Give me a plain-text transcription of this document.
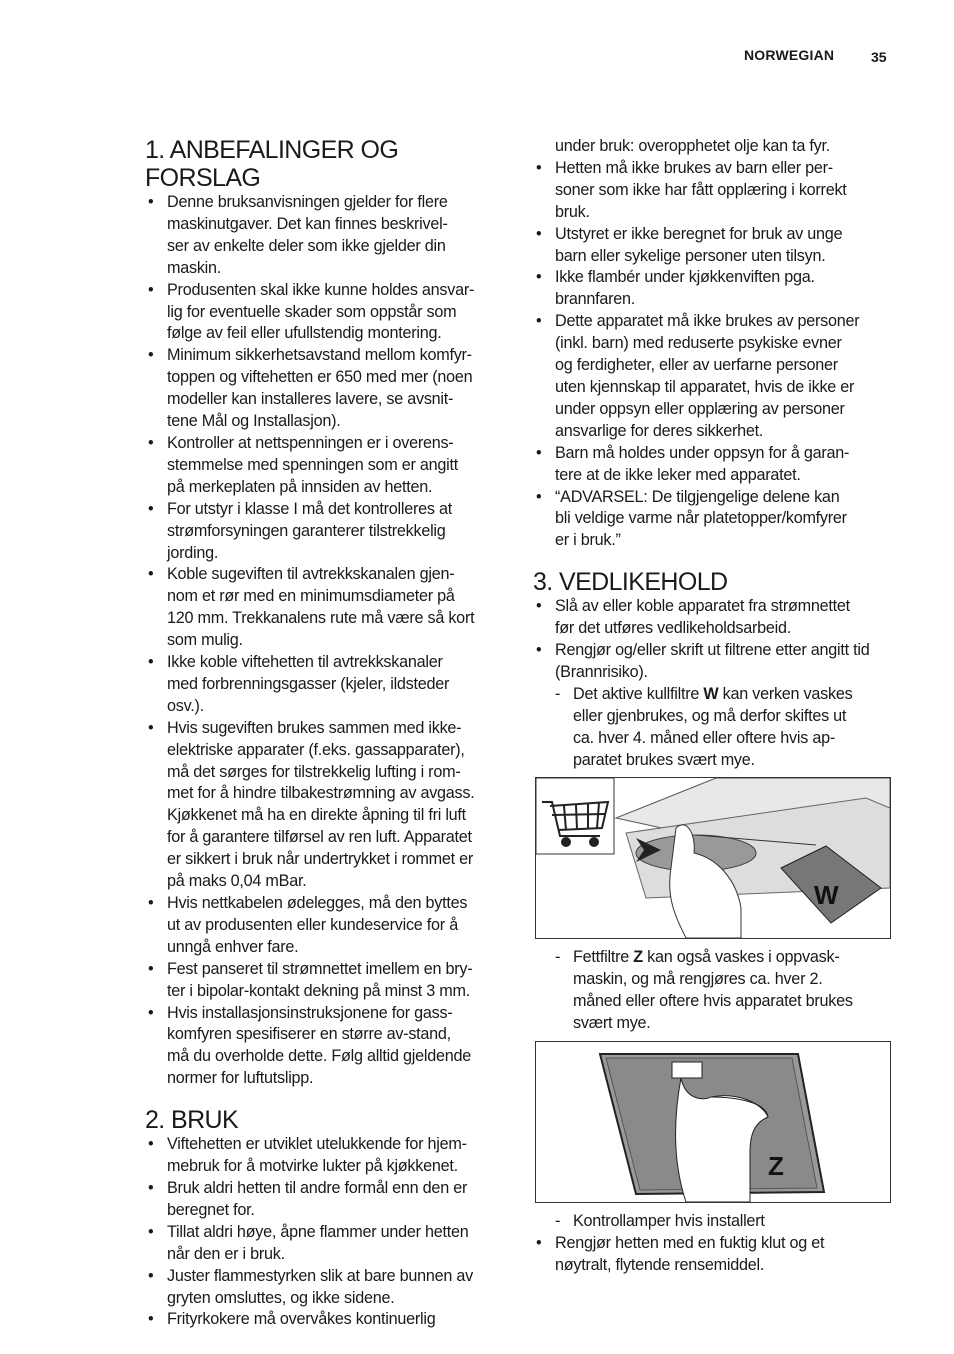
NORWEGIAN	35
1. ANBEFALINGER OG FORSLAG
• Denne bruksanvisningen gjelder for flere
maskinutgaver. Det kan finnes beskrivel-
ser av enkelte deler som ikke gjelder din
maskin.
• Produsenten skal ikke kunne holdes ansvar-
lig for eventuelle skader som oppstår som
følge av feil eller ufullstendig montering.
• Minimum sikkerhetsavstand mellom komfyr-
toppen og viftehetten er 650 med mer (noen
modeller kan installeres lavere, se avsnit-
tene Mål og Installasjon).
• Kontroller at nettspenningen er i overens-
stemmelse med spenningen som er angitt
på merkeplaten på innsiden av hetten.
• For utstyr i klasse I må det kontrolleres at
strømforsyningen garanterer tilstrekkelig
jording.
• Koble sugeviften til avtrekkskanalen gjen-
nom et rør med en minimumsdiameter på
120 mm. Trekkanalens rute må være så kort
som mulig.
• Ikke koble viftehetten til avtrekkskanaler
med forbrenningsgasser (kjeler, ildsteder
osv.).
• Hvis sugeviften brukes sammen med ikke-
elektriske apparater (f.eks. gassapparater),
må det sørges for tilstrekkelig lufting i rom-
met for å hindre tilbakestrømning av avgass.
Kjøkkenet må ha en direkte åpning til fri luft
for å garantere tilførsel av ren luft. Apparatet
er sikkert i bruk når undertrykket i rommet er
på maks 0,04 mBar.
• Hvis nettkabelen ødelegges, må den byttes
ut av produsenten eller kundeservice for å
unngå enhver fare.
• Fest panseret til strømnettet imellem en bry-
ter i bipolar-kontakt dekning på minst 3 mm.
• Hvis installasjonsinstruksjonene for gass-
komfyren spesifiserer en større av-stand,
må du overholde dette. Følg alltid gjeldende
normer for luftutslipp.
2. BRUK
• Viftehetten er utviklet utelukkende for hjem-
mebruk for å motvirke lukter på kjøkkenet.
• Bruk aldri hetten til andre formål enn den er
beregnet for.
• Tillat aldri høye, åpne flammer under hetten
når den er i bruk.
• Juster flammestyrken slik at bare bunnen av
gryten omsluttes, og ikke sidene.
• Frityrkokere må overvåkes kontinuerlig
under bruk: overopphetet olje kan ta fyr.
• Hetten må ikke brukes av barn eller per-
soner som ikke har fått opplæring i korrekt
bruk.
• Utstyret er ikke beregnet for bruk av unge
barn eller sykelige personer uten tilsyn.
• Ikke flambér under kjøkkenviften pga.
brannfaren.
• Dette apparatet må ikke brukes av personer
(inkl. barn) med reduserte psykiske evner
og ferdigheter, eller av uerfarne personer
uten kjennskap til apparatet, hvis de ikke er
under oppsyn eller opplæring av personer
ansvarlige for deres sikkerhet.
• Barn må holdes under oppsyn for å garan-
tere at de ikke leker med apparatet.
• “ADVARSEL: De tilgjengelige delene kan
bli veldige varme når platetopper/komfyrer
er i bruk.”
3. VEDLIKEHOLD
• Slå av eller koble apparatet fra strømnettet
før det utføres vedlikeholdsarbeid.
• Rengjør og/eller skrift ut filtrene etter angitt tid
(Brannrisiko).
- Det aktive kullfiltre W kan verken vaskes
eller gjenbrukes, og må derfor skiftes ut
ca. hver 4. måned eller oftere hvis ap-
paratet brukes svært mye.
W
- Fettfiltre Z kan også vaskes i oppvask-
maskin, og må rengjøres ca. hver 2.
måned eller oftere hvis apparatet brukes
svært mye.
Z
- Kontrollamper hvis installert
• Rengjør hetten med en fuktig klut og et
nøytralt, flytende rensemiddel.
